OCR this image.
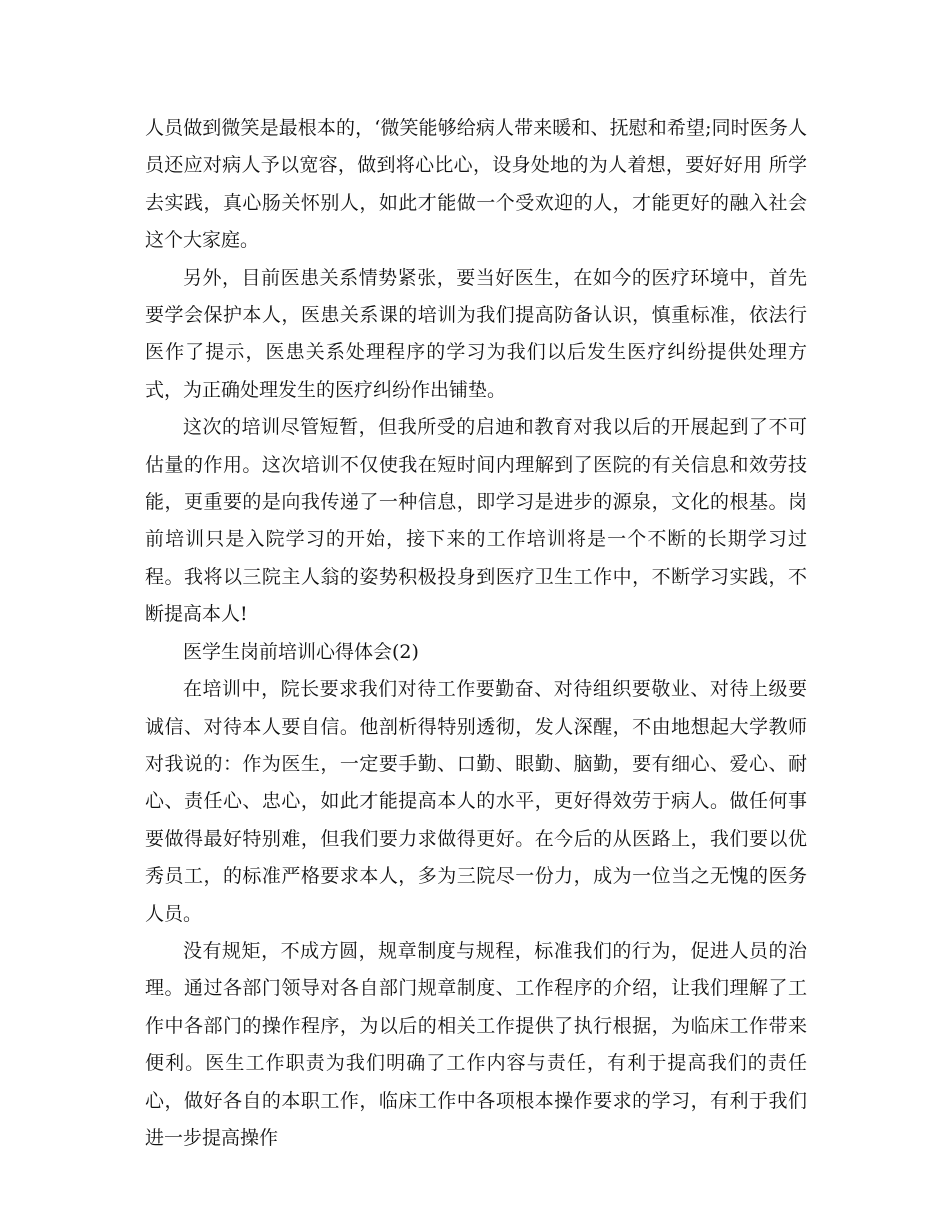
人员做到微笑是最根本的，‘微笑能够给病人带来暖和、抚慰和希望;同时医务人员还应对病人予以宽容，做到将心比心，设身处地的为人着想，要好好用 所学去实践，真心肠关怀别人，如此才能做一个受欢迎的人，才能更好的融入社会这个大家庭。

另外，目前医患关系情势紧张，要当好医生，在如今的医疗环境中，首先要学会保护本人，医患关系课的培训为我们提高防备认识，慎重标准，依法行医作了提示，医患关系处理程序的学习为我们以后发生医疗纠纷提供处理方式，为正确处理发生的医疗纠纷作出铺垫。

这次的培训尽管短暂，但我所受的启迪和教育对我以后的开展起到了不可估量的作用。这次培训不仅使我在短时间内理解到了医院的有关信息和效劳技能，更重要的是向我传递了一种信息，即学习是进步的源泉，文化的根基。岗前培训只是入院学习的开始，接下来的工作培训将是一个不断的长期学习过程。我将以三院主人翁的姿势积极投身到医疗卫生工作中，不断学习实践，不断提高本人!

医学生岗前培训心得体会(2)

在培训中，院长要求我们对待工作要勤奋、对待组织要敬业、对待上级要诚信、对待本人要自信。他剖析得特别透彻，发人深醒，不由地想起大学教师对我说的：作为医生，一定要手勤、口勤、眼勤、脑勤，要有细心、爱心、耐心、责任心、忠心，如此才能提高本人的水平，更好得效劳于病人。做任何事要做得最好特别难，但我们要力求做得更好。在今后的从医路上，我们要以优秀员工，的标准严格要求本人，多为三院尽一份力，成为一位当之无愧的医务人员。

没有规矩，不成方圆，规章制度与规程，标准我们的行为，促进人员的治理。通过各部门领导对各自部门规章制度、工作程序的介绍，让我们理解了工作中各部门的操作程序，为以后的相关工作提供了执行根据，为临床工作带来便利。医生工作职责为我们明确了工作内容与责任，有利于提高我们的责任心，做好各自的本职工作，临床工作中各项根本操作要求的学习，有利于我们进一步提高操作
